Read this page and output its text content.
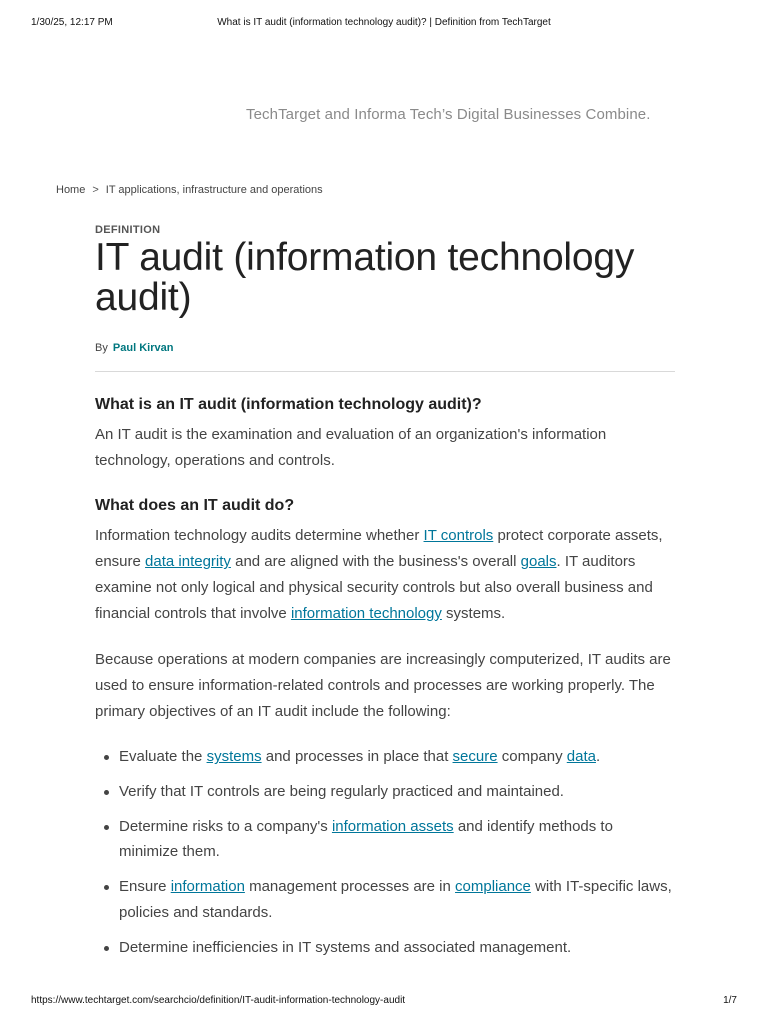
1/30/25, 12:17 PM	What is IT audit (information technology audit)? | Definition from TechTarget
TechTarget and Informa Tech’s Digital Businesses Combine.
Home > IT applications, infrastructure and operations
DEFINITION
IT audit (information technology audit)
By Paul Kirvan
What is an IT audit (information technology audit)?

An IT audit is the examination and evaluation of an organization's information technology, operations and controls.

What does an IT audit do?

Information technology audits determine whether IT controls protect corporate assets, ensure data integrity and are aligned with the business's overall goals. IT auditors examine not only logical and physical security controls but also overall business and financial controls that involve information technology systems.

Because operations at modern companies are increasingly computerized, IT audits are used to ensure information-related controls and processes are working properly. The primary objectives of an IT audit include the following:

Evaluate the systems and processes in place that secure company data.
Verify that IT controls are being regularly practiced and maintained.
Determine risks to a company's information assets and identify methods to minimize them.
Ensure information management processes are in compliance with IT-specific laws, policies and standards.
Determine inefficiencies in IT systems and associated management.
https://www.techtarget.com/searchcio/definition/IT-audit-information-technology-audit	1/7
